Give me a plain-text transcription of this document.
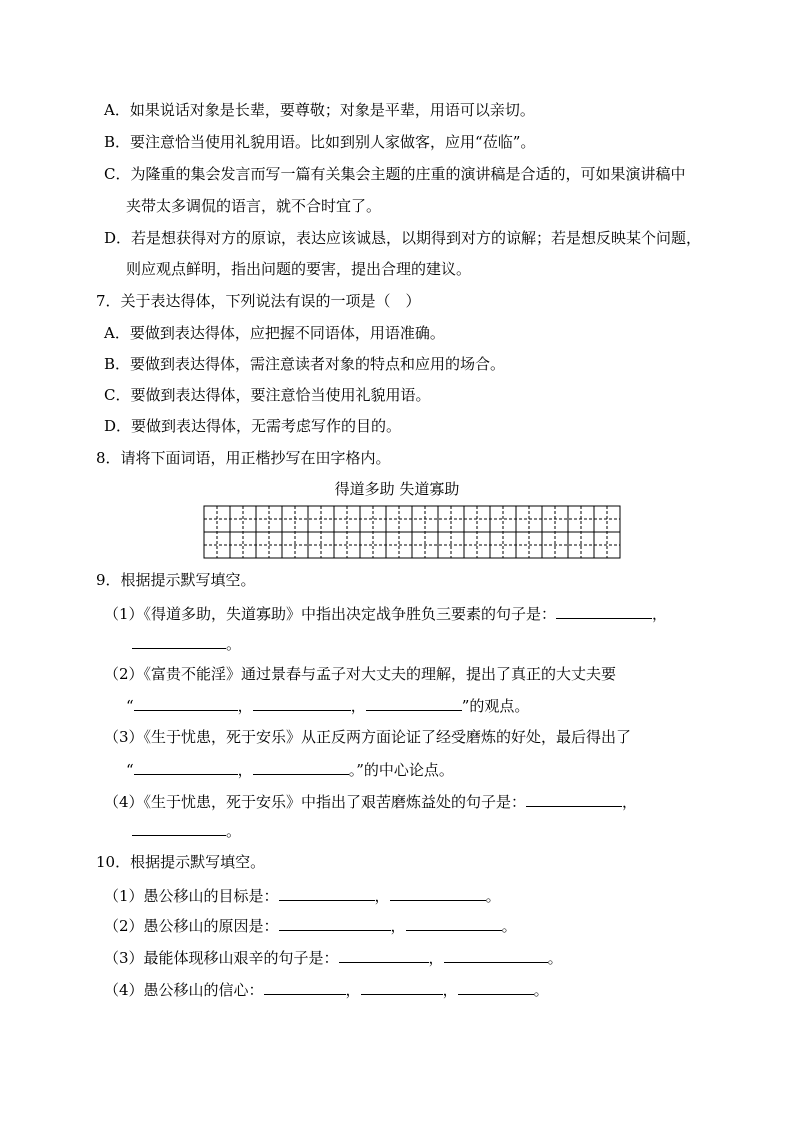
A．如果说话对象是长辈，要尊敬；对象是平辈，用语可以亲切。
B．要注意恰当使用礼貌用语。比如到别人家做客，应用“莅临”。
C．为隆重的集会发言而写一篇有关集会主题的庄重的演讲稿是合适的，可如果演讲稿中
夹带太多调侃的语言，就不合时宜了。
D．若是想获得对方的原谅，表达应该诚恳，以期得到对方的谅解；若是想反映某个问题，
则应观点鲜明，指出问题的要害，提出合理的建议。
7．关于表达得体，下列说法有误的一项是（　）
A．要做到表达得体，应把握不同语体，用语准确。
B．要做到表达得体，需注意读者对象的特点和应用的场合。
C．要做到表达得体，要注意恰当使用礼貌用语。
D．要做到表达得体，无需考虑写作的目的。
8．请将下面词语，用正楷抄写在田字格内。
得道多助 失道寡助
9．根据提示默写填空。
（1）《得道多助，失道寡助》中指出决定战争胜负三要素的句子是：	，
。
（2）《富贵不能淫》通过景春与孟子对大丈夫的理解，提出了真正的大丈夫要
“	，	，	”的观点。
（3）《生于忧患，死于安乐》从正反两方面论证了经受磨炼的好处，最后得出了
“	，	。”的中心论点。
（4）《生于忧患，死于安乐》中指出了艰苦磨炼益处的句子是：	，
。
10．根据提示默写填空。
（1）愚公移山的目标是：	，	。
（2）愚公移山的原因是：	，	。
（3）最能体现移山艰辛的句子是：	，	。
（4）愚公移山的信心：	，	，	。
